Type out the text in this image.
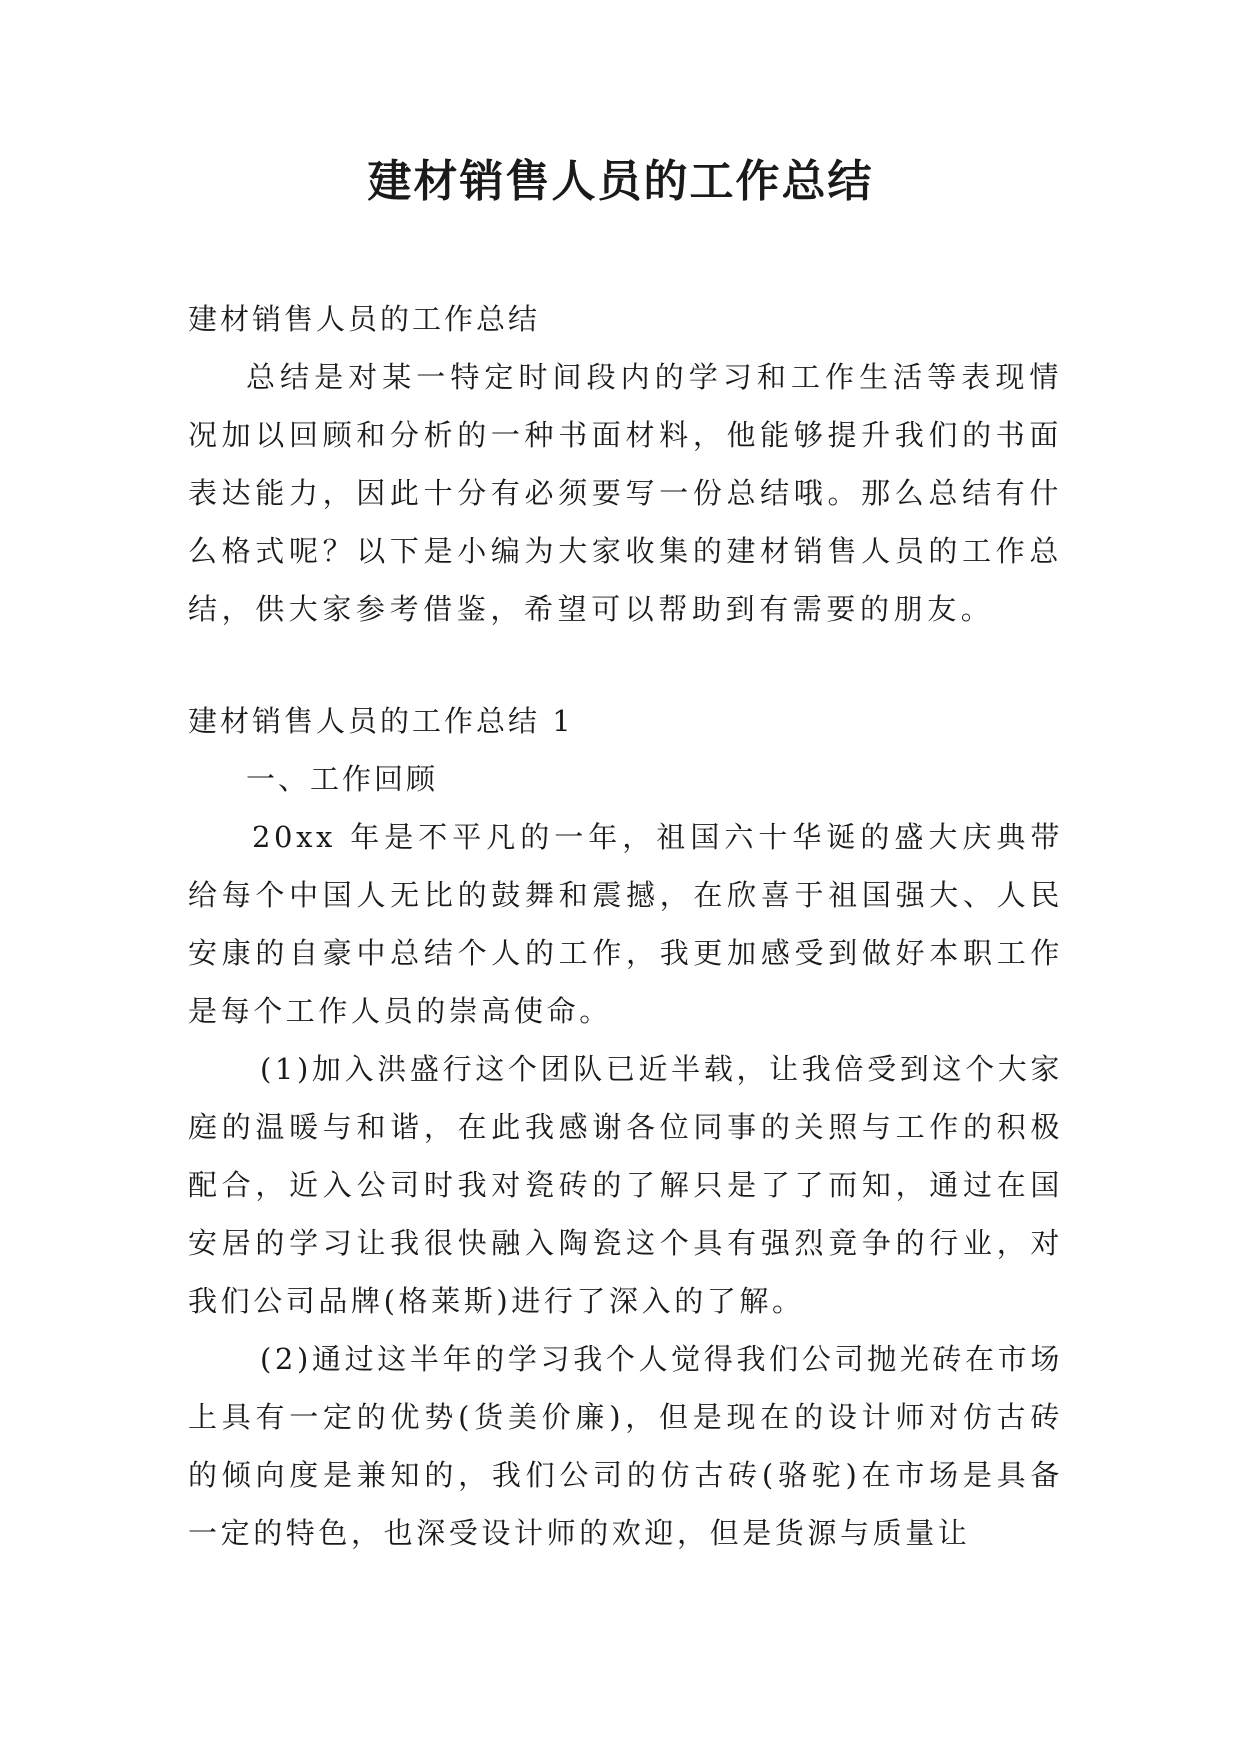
建材销售人员的工作总结

建材销售人员的工作总结

总结是对某一特定时间段内的学习和工作生活等表现情况加以回顾和分析的一种书面材料，他能够提升我们的书面表达能力，因此十分有必须要写一份总结哦。那么总结有什么格式呢？以下是小编为大家收集的建材销售人员的工作总结，供大家参考借鉴，希望可以帮助到有需要的朋友。

建材销售人员的工作总结 1

一、工作回顾

20xx 年是不平凡的一年，祖国六十华诞的盛大庆典带给每个中国人无比的鼓舞和震撼，在欣喜于祖国强大、人民安康的自豪中总结个人的工作，我更加感受到做好本职工作是每个工作人员的崇高使命。

(1)加入洪盛行这个团队已近半载，让我倍受到这个大家庭的温暖与和谐，在此我感谢各位同事的关照与工作的积极配合，近入公司时我对瓷砖的了解只是了了而知，通过在国安居的学习让我很快融入陶瓷这个具有强烈竟争的行业，对我们公司品牌(格莱斯)进行了深入的了解。

(2)通过这半年的学习我个人觉得我们公司抛光砖在市场上具有一定的优势(货美价廉)，但是现在的设计师对仿古砖的倾向度是兼知的，我们公司的仿古砖(骆驼)在市场是具备一定的特色，也深受设计师的欢迎，但是货源与质量让
